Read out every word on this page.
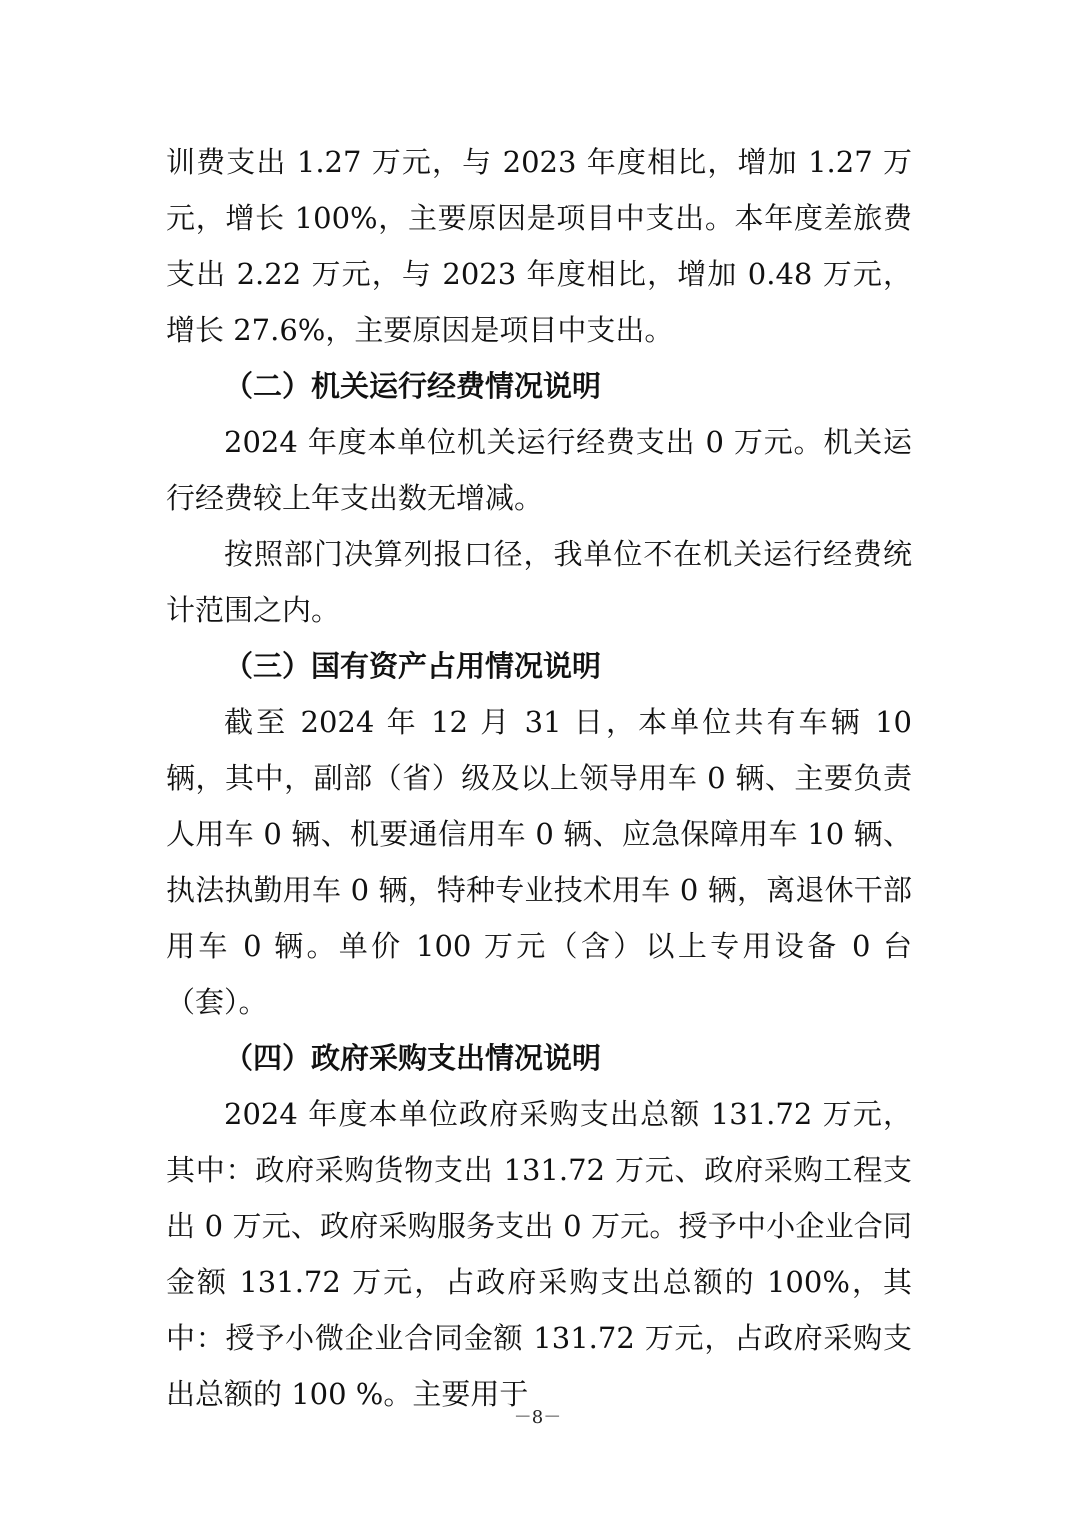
训费支出 1.27 万元，与 2023 年度相比，增加 1.27 万元，增长 100%，主要原因是项目中支出。本年度差旅费支出 2.22 万元，与 2023 年度相比，增加 0.48 万元，增长 27.6%，主要原因是项目中支出。

（二）机关运行经费情况说明

2024 年度本单位机关运行经费支出 0 万元。机关运行经费较上年支出数无增减。

按照部门决算列报口径，我单位不在机关运行经费统计范围之内。

（三）国有资产占用情况说明

截至 2024 年 12 月 31 日，本单位共有车辆 10 辆，其中，副部（省）级及以上领导用车 0 辆、主要负责人用车 0 辆、机要通信用车 0 辆、应急保障用车 10 辆、执法执勤用车 0 辆，特种专业技术用车 0 辆，离退休干部用车 0 辆。单价 100 万元（含）以上专用设备 0 台（套）。

（四）政府采购支出情况说明

2024 年度本单位政府采购支出总额 131.72 万元，其中：政府采购货物支出 131.72 万元、政府采购工程支出 0 万元、政府采购服务支出 0 万元。授予中小企业合同金额 131.72 万元，占政府采购支出总额的 100%，其中：授予小微企业合同金额 131.72 万元，占政府采购支出总额的 100 %。主要用于

－8－
